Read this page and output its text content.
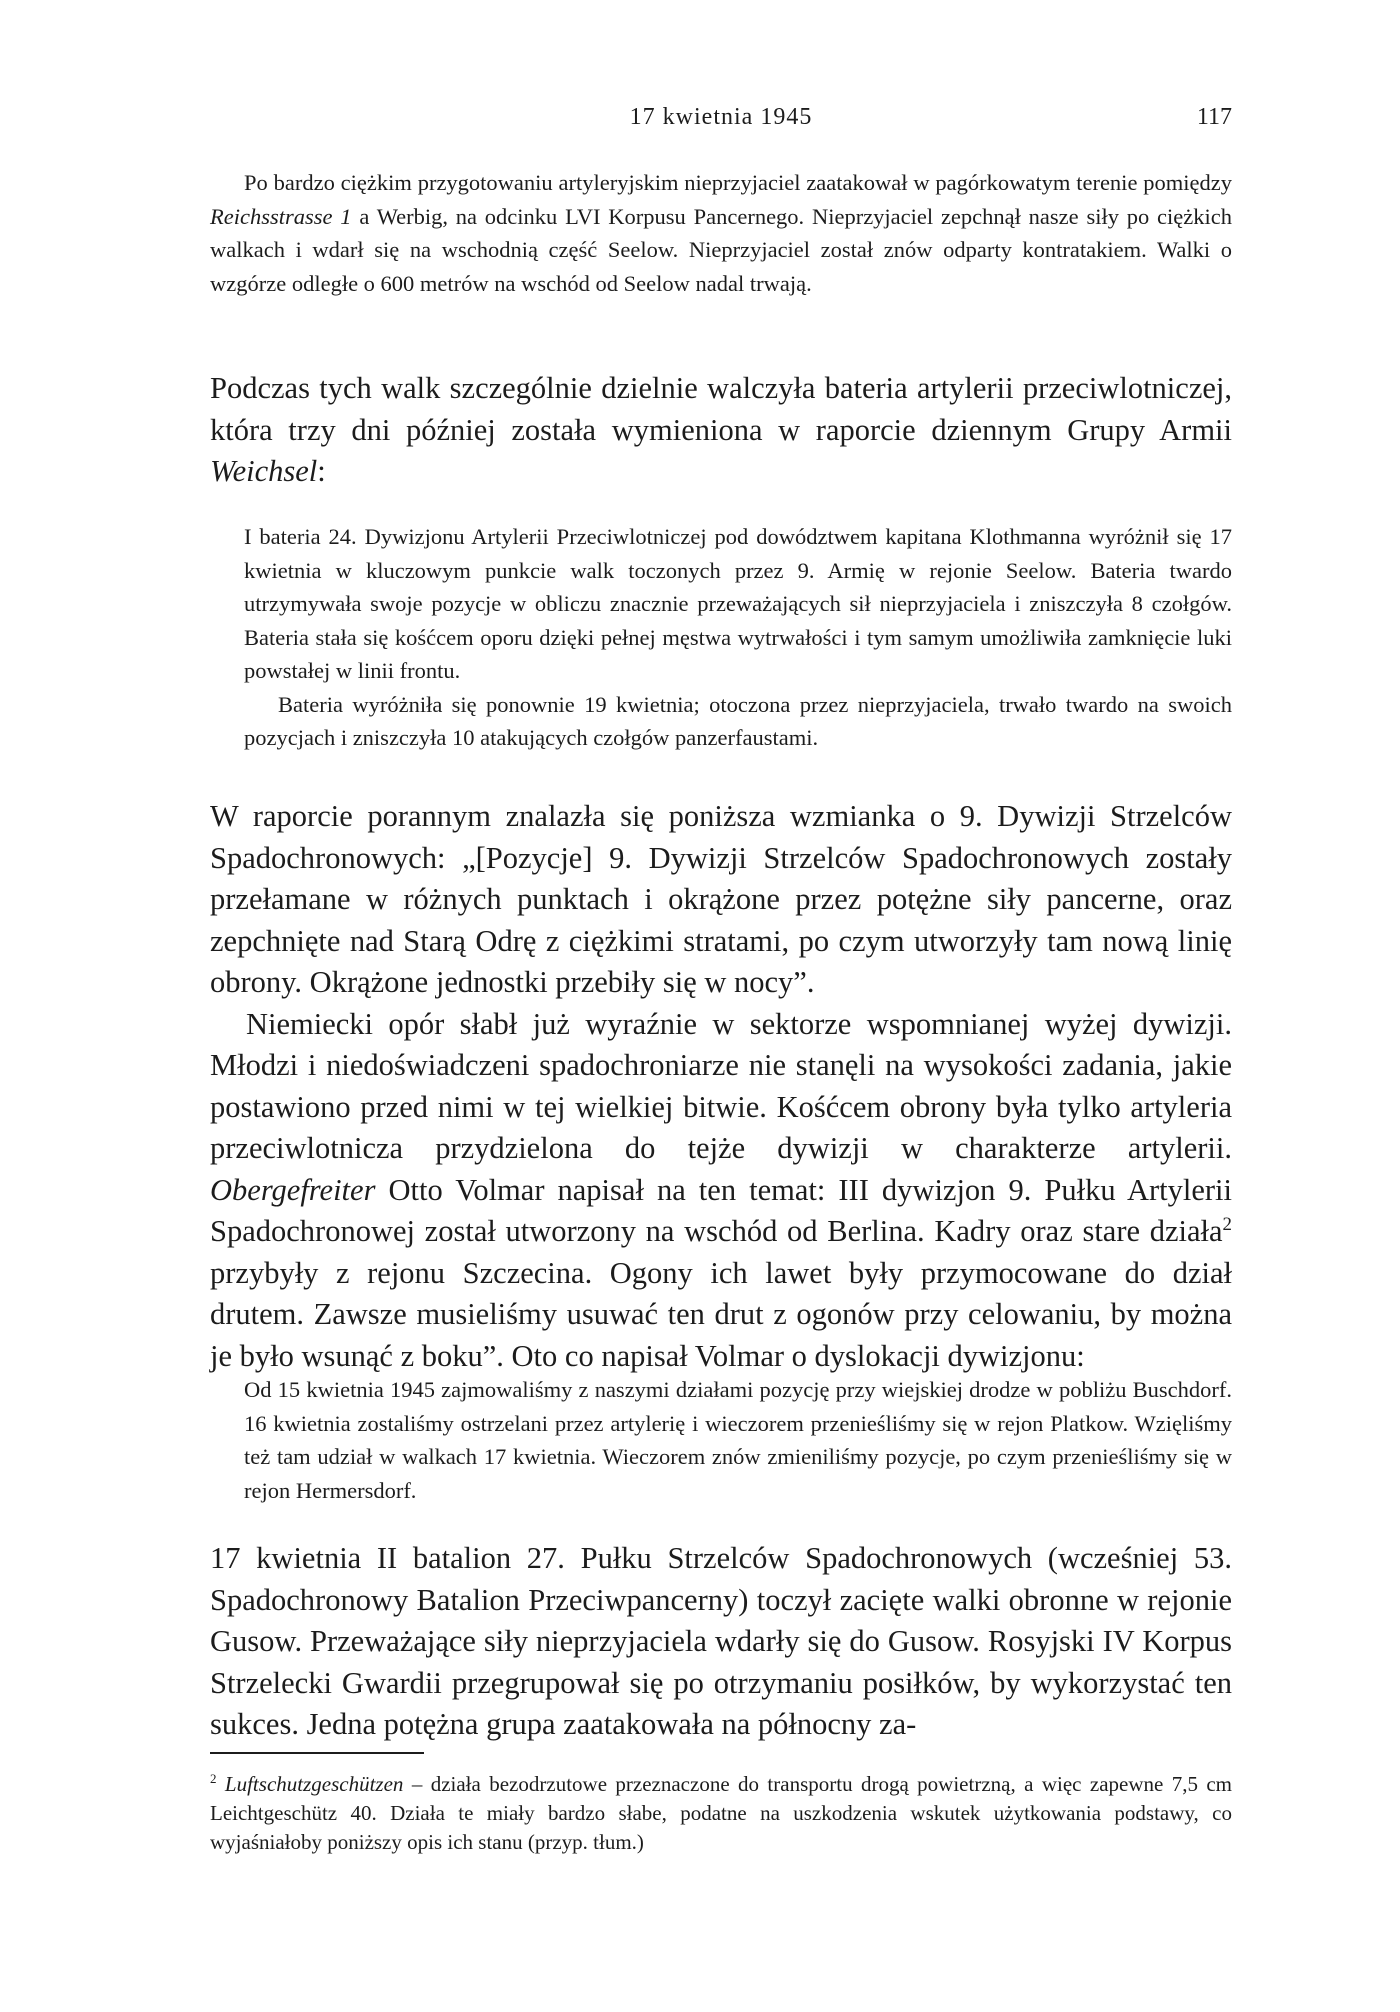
17 kwietnia 1945	117

Po bardzo ciężkim przygotowaniu artyleryjskim nieprzyjaciel zaatakował w pagórkowatym terenie pomiędzy Reichsstrasse 1 a Werbig, na odcinku LVI Korpusu Pancernego. Nieprzyjaciel zepchnął nasze siły po ciężkich walkach i wdarł się na wschodnią część Seelow. Nieprzyjaciel został znów odparty kontratakiem. Walki o wzgórze odległe o 600 metrów na wschód od Seelow nadal trwają.

Podczas tych walk szczególnie dzielnie walczyła bateria artylerii przeciwlotniczej, która trzy dni później została wymieniona w raporcie dziennym Grupy Armii Weichsel:

I bateria 24. Dywizjonu Artylerii Przeciwlotniczej pod dowództwem kapitana Klothmanna wyróżnił się 17 kwietnia w kluczowym punkcie walk toczonych przez 9. Armię w rejonie Seelow. Bateria twardo utrzymywała swoje pozycje w obliczu znacznie przeważających sił nieprzyjaciela i zniszczyła 8 czołgów. Bateria stała się kośćcem oporu dzięki pełnej męstwa wytrwałości i tym samym umożliwiła zamknięcie luki powstałej w linii frontu.

Bateria wyróżniła się ponownie 19 kwietnia; otoczona przez nieprzyjaciela, trwało twardo na swoich pozycjach i zniszczyła 10 atakujących czołgów panzerfaustami.

W raporcie porannym znalazła się poniższa wzmianka o 9. Dywizji Strzelców Spadochronowych: „[Pozycje] 9. Dywizji Strzelców Spadochronowych zostały przełamane w różnych punktach i okrążone przez potężne siły pancerne, oraz zepchnięte nad Starą Odrę z ciężkimi stratami, po czym utworzyły tam nową linię obrony. Okrążone jednostki przebiły się w nocy”.

Niemiecki opór słabł już wyraźnie w sektorze wspomnianej wyżej dywizji. Młodzi i niedoświadczeni spadochroniarze nie stanęli na wysokości zadania, jakie postawiono przed nimi w tej wielkiej bitwie. Kośćcem obrony była tylko artyleria przeciwlotnicza przydzielona do tejże dywizji w charakterze artylerii. Obergefreiter Otto Volmar napisał na ten temat: III dywizjon 9. Pułku Artylerii Spadochronowej został utworzony na wschód od Berlina. Kadry oraz stare działa$^2$ przybyły z rejonu Szczecina. Ogony ich lawet były przymocowane do dział drutem. Zawsze musieliśmy usuwać ten drut z ogonów przy celowaniu, by można je było wsunąć z boku”. Oto co napisał Volmar o dyslokacji dywizjonu:

Od 15 kwietnia 1945 zajmowaliśmy z naszymi działami pozycję przy wiejskiej drodze w pobliżu Buschdorf. 16 kwietnia zostaliśmy ostrzelani przez artylerię i wieczorem przenieśliśmy się w rejon Platkow. Wzięliśmy też tam udział w walkach 17 kwietnia. Wieczorem znów zmieniliśmy pozycje, po czym przenieśliśmy się w rejon Hermersdorf.

17 kwietnia II batalion 27. Pułku Strzelców Spadochronowych (wcześniej 53. Spadochronowy Batalion Przeciwpancerny) toczył zacięte walki obronne w rejonie Gusow. Przeważające siły nieprzyjaciela wdarły się do Gusow. Rosyjski IV Korpus Strzelecki Gwardii przegrupował się po otrzymaniu posiłków, by wykorzystać ten sukces. Jedna potężna grupa zaatakowała na północny za-

$^2$ Luftschutzgeschützen – działa bezodrzutowe przeznaczone do transportu drogą powietrzną, a więc zapewne 7,5 cm Leichtgeschütz 40. Działa te miały bardzo słabe, podatne na uszkodzenia wskutek użytkowania podstawy, co wyjaśniałoby poniższy opis ich stanu (przyp. tłum.)
